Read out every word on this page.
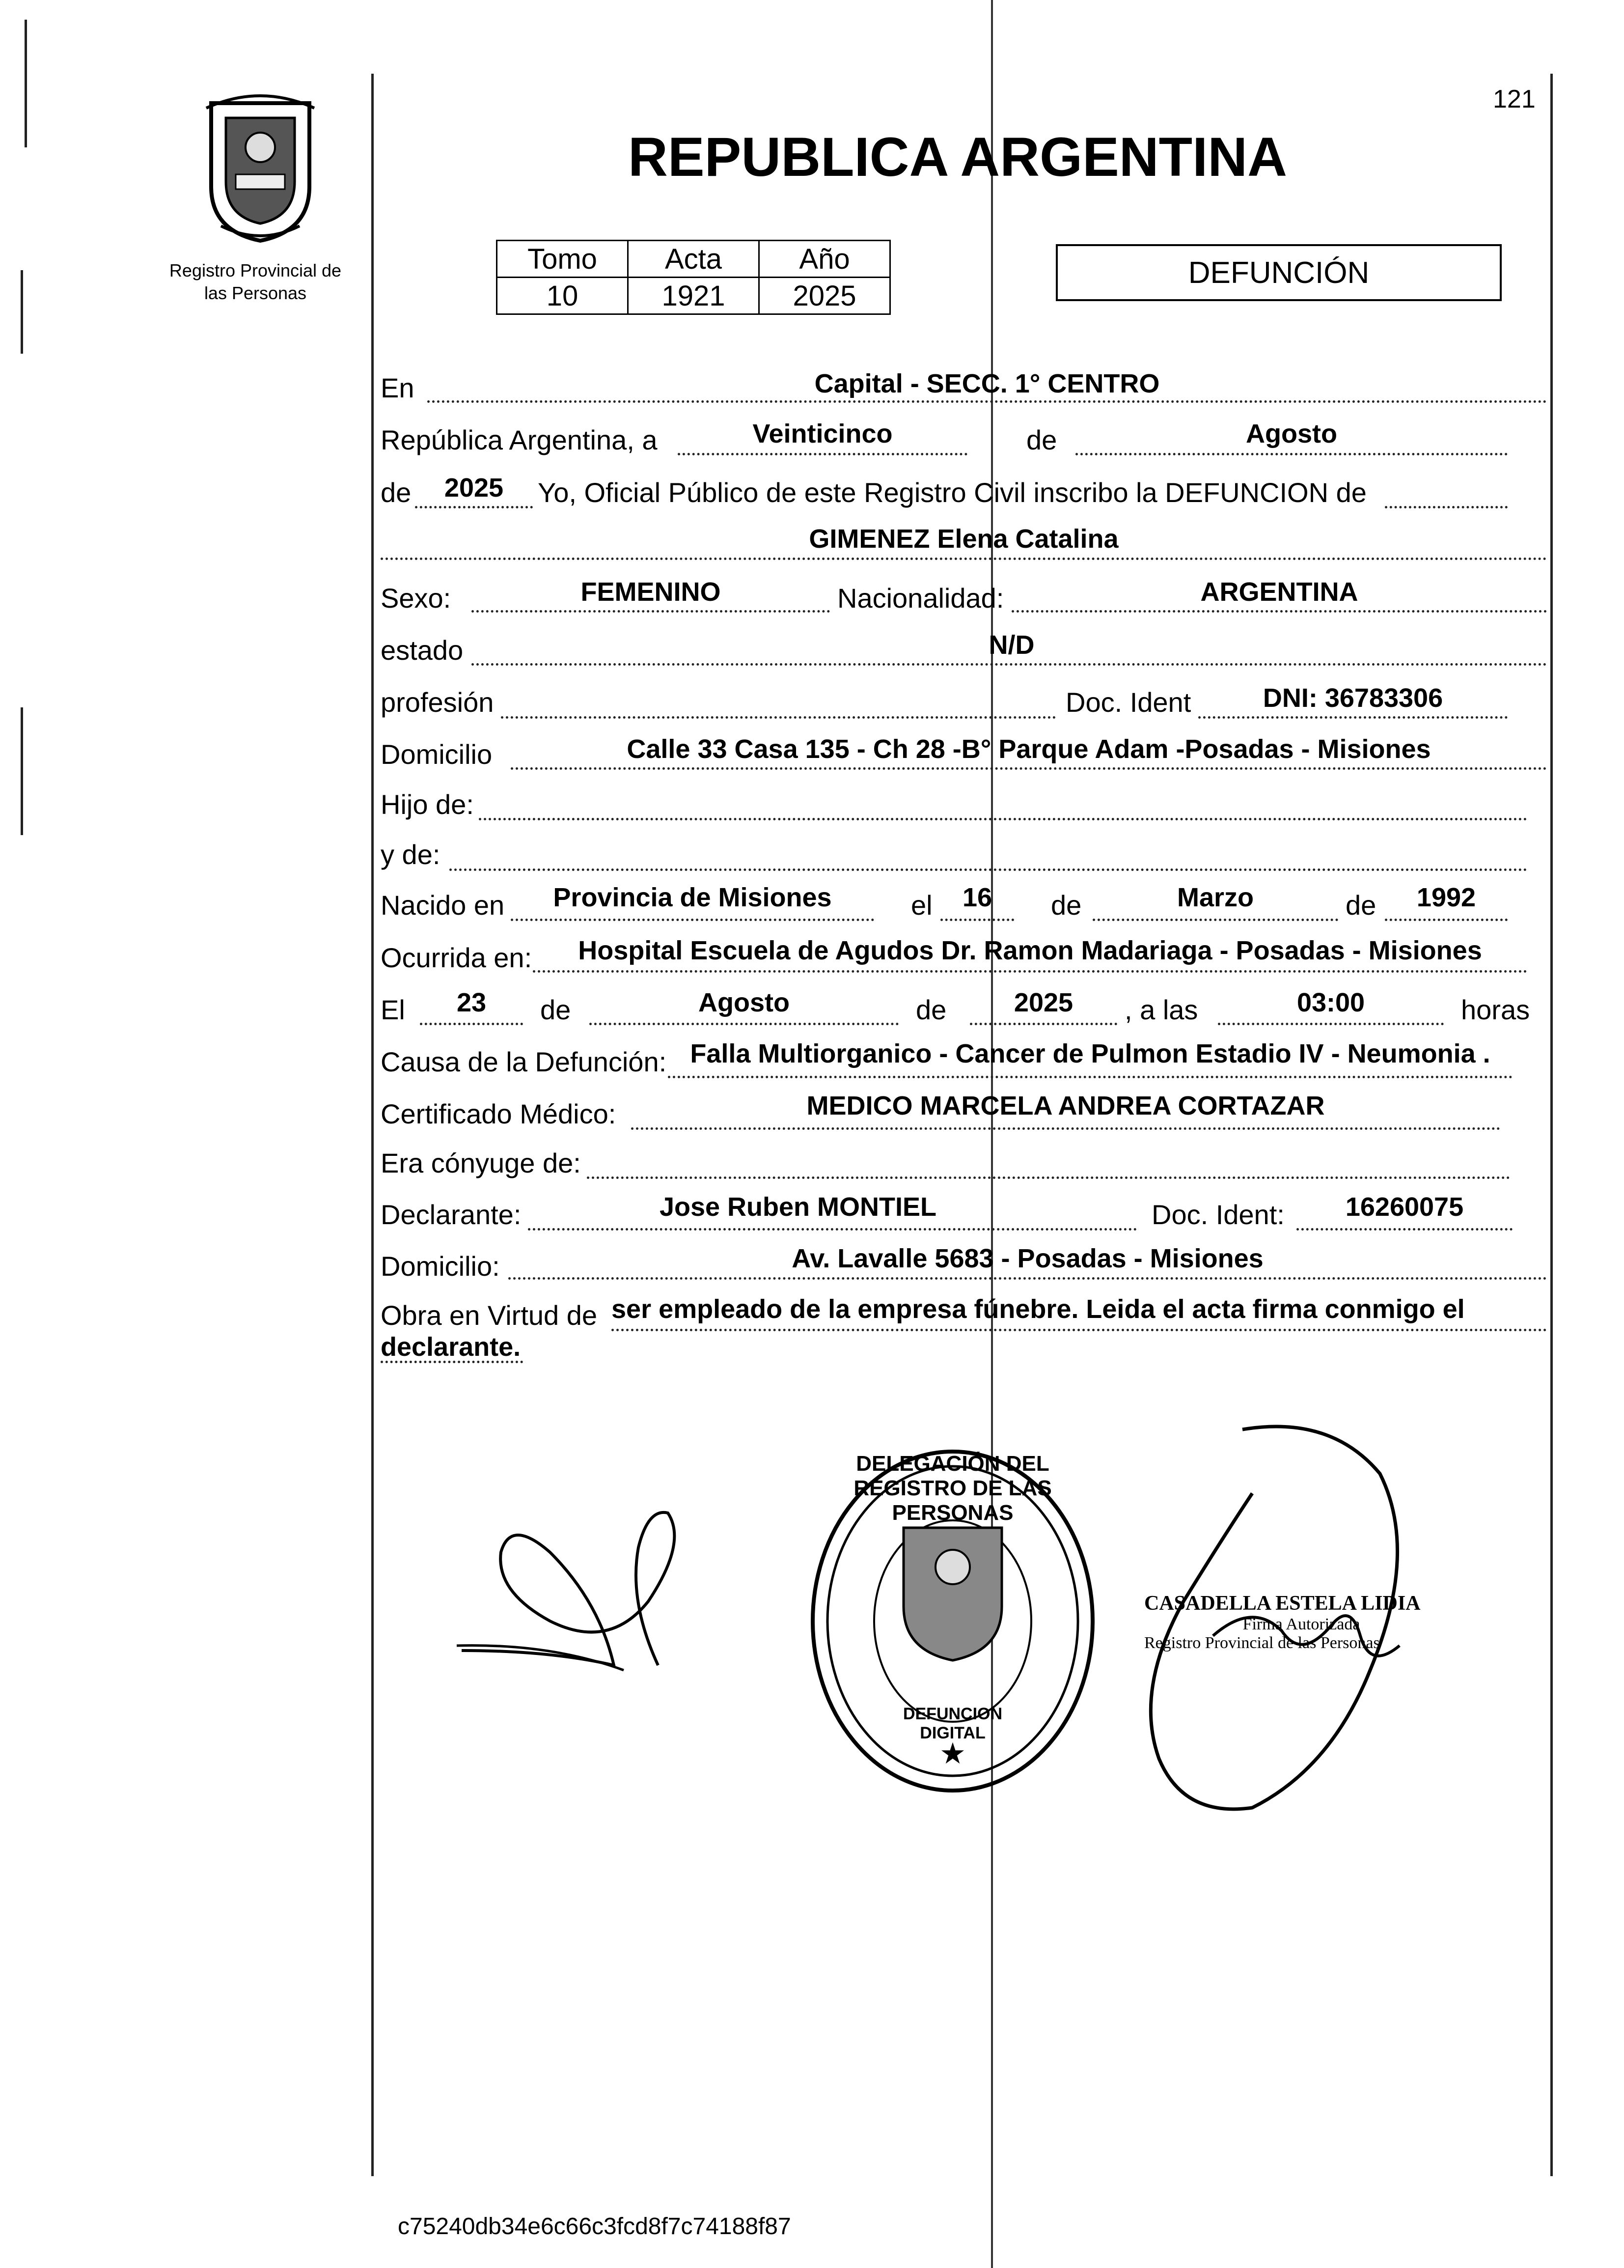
Registro Provincial de
las Personas
121
REPUBLICA ARGENTINA
Tomo	Acta	Año
10	1921	2025
DEFUNCIÓN
En	Capital - SECC. 1° CENTRO
República Argentina, a	Veinticinco	de	Agosto
de	2025	Yo, Oficial Público de este Registro Civil inscribo la DEFUNCION de
GIMENEZ Elena Catalina
Sexo:	FEMENINO	Nacionalidad:	ARGENTINA
estado	N/D
profesión	Doc. Ident	DNI: 36783306
Domicilio	Calle 33 Casa 135 - Ch 28 -B° Parque Adam -Posadas - Misiones
Hijo de:
y de:
Nacido en	Provincia de Misiones	el	16	de	Marzo	de	1992
Ocurrida en:	Hospital Escuela de Agudos Dr. Ramon Madariaga - Posadas - Misiones
El	23	de	Agosto	de	2025	, a las	03:00	horas
Causa de la Defunción: Falla Multiorganico - Cancer de Pulmon Estadio IV - Neumonia .
Certificado Médico:	MEDICO MARCELA ANDREA CORTAZAR
Era cónyuge de:
Declarante:	Jose Ruben MONTIEL	Doc. Ident:	16260075
Domicilio:	Av. Lavalle 5683 - Posadas - Misiones
Obra en Virtud de ser empleado de la empresa fúnebre. Leida el acta firma conmigo el
declarante.
★
DELEGACIÓN DEL REGISTRO DE LAS PERSONAS
DEFUNCION DIGITAL
CASADELLA ESTELA LIDIA
Firma Autorizada
Registro Provincial de las Personas
c75240db34e6c66c3fcd8f7c74188f87
